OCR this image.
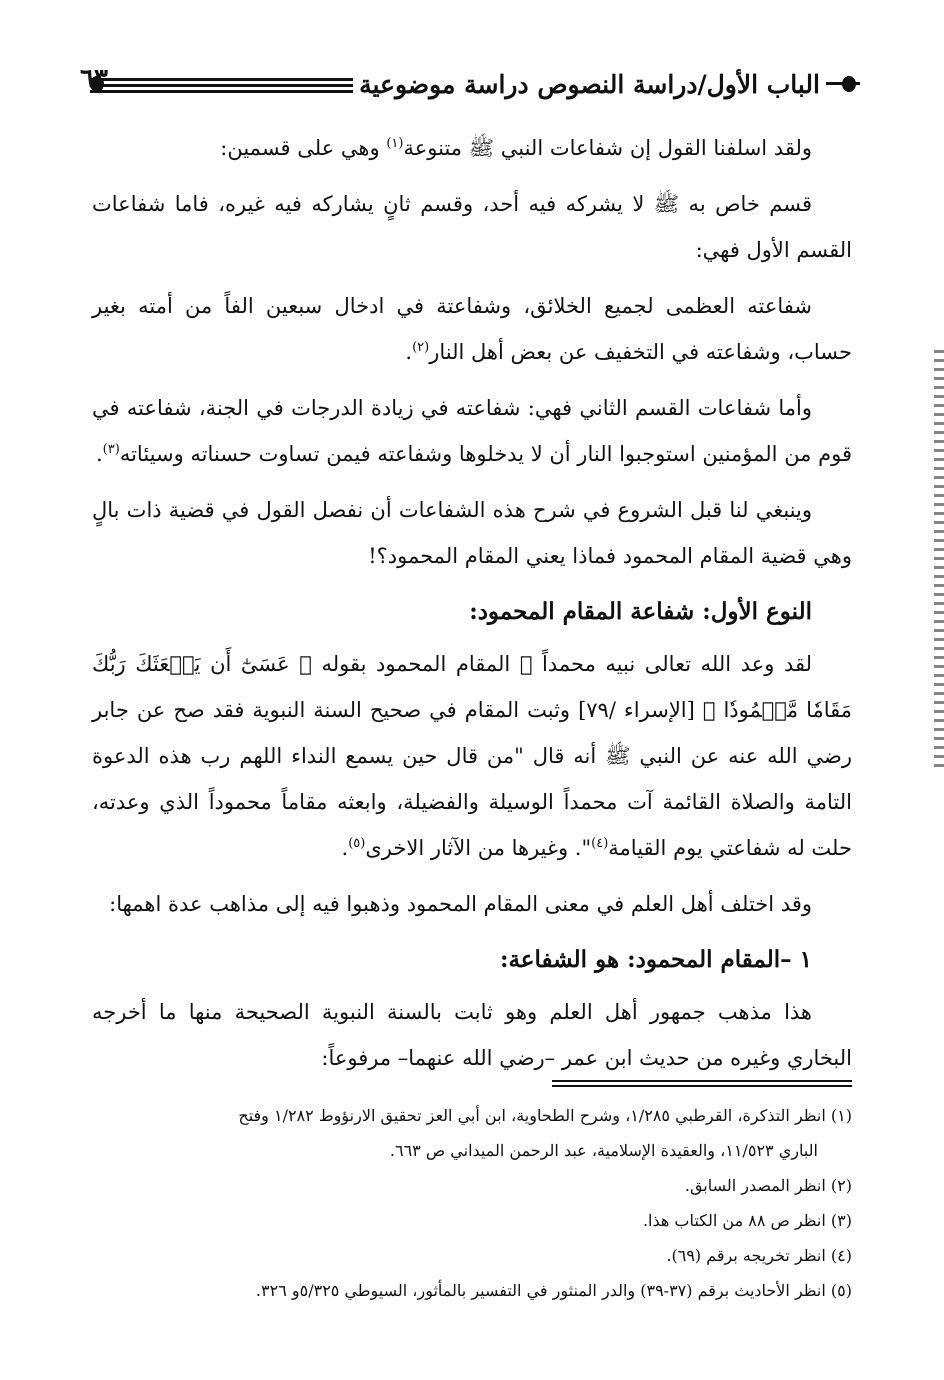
الباب الأول/دراسة النصوص دراسة موضوعية
٦٣

ولقد اسلفنا القول إن شفاعات النبي ﷺ متنوعة$^{(١)}$ وهي على قسمين:

قسم خاص به ﷺ لا يشركه فيه أحد، وقسم ثانٍ يشاركه فيه غيره، فاما شفاعات القسم الأول فهي:

شفاعته العظمى لجميع الخلائق، وشفاعتة في ادخال سبعين الفاً من أمته بغير حساب، وشفاعته في التخفيف عن بعض أهل النار$^{(٢)}$.

وأما شفاعات القسم الثاني فهي: شفاعته في زيادة الدرجات في الجنة، شفاعته في قوم من المؤمنين استوجبوا النار أن لا يدخلوها وشفاعته فيمن تساوت حسناته وسيئاته$^{(٣)}$.

وينبغي لنا قبل الشروع في شرح هذه الشفاعات أن نفصل القول في قضية ذات بالٍ وهي قضية المقام المحمود فماذا يعني المقام المحمود؟!

النوع الأول: شفاعة المقام المحمود:

لقد وعد الله تعالى نبيه محمداً ﷺ المقام المحمود بقوله ﴿ عَسَىٰٓ أَن يَبۡعَثَكَ رَبُّكَ مَقَامٗا مَّحۡمُودٗا ﴾ [الإسراء /٧٩] وثبت المقام في صحيح السنة النبوية فقد صح عن جابر رضي الله عنه عن النبي ﷺ أنه قال "من قال حين يسمع النداء اللهم رب هذه الدعوة التامة والصلاة القائمة آت محمداً الوسيلة والفضيلة، وابعثه مقاماً محموداً الذي وعدته، حلت له شفاعتي يوم القيامة$^{(٤)}$". وغيرها من الآثار الاخرى$^{(٥)}$.

وقد اختلف أهل العلم في معنى المقام المحمود وذهبوا فيه إلى مذاهب عدة اهمها:

١ –المقام المحمود: هو الشفاعة:

هذا مذهب جمهور أهل العلم وهو ثابت بالسنة النبوية الصحيحة منها ما أخرجه البخاري وغيره من حديث ابن عمر –رضي الله عنهما– مرفوعاً:

(١) انظر التذكرة، القرطبي ١/٢٨٥، وشرح الطحاوية، ابن أبي العز تحقيق الارنؤوط ١/٢٨٢ وفتح
الباري ١١/٥٢٣، والعقيدة الإسلامية، عبد الرحمن الميداني ص ٦٦٣.

(٢) انظر المصدر السابق.

(٣) انظر ص ٨٨ من الكتاب هذا.

(٤) انظر تخريجه برقم (٦٩).

(٥) انظر الأحاديث برقم (٣٧-٣٩) والدر المنثور في التفسير بالمأثور، السيوطي ٥/٣٢٥و ٣٢٦.
